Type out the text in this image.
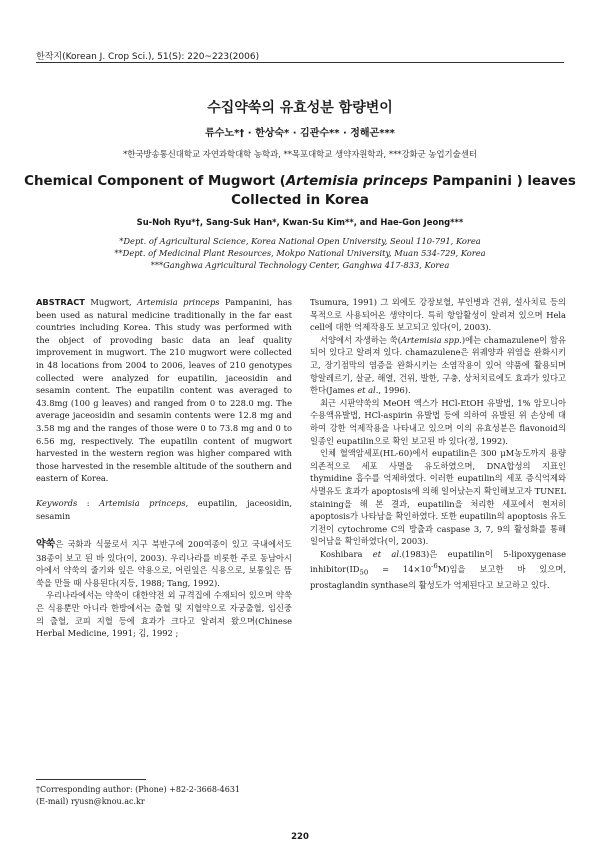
한작지(Korean J. Crop Sci.), 51(S): 220~223(2006)
수집약쑥의 유효성분 함량변이
류수노*† · 한상숙* · 김관수** · 정해곤***
*한국방송통신대학교 자연과학대학 농학과, **목포대학교 생약자원학과, ***강화군 농업기술센터
Chemical Component of Mugwort (Artemisia princeps Pampanini ) leaves
Collected in Korea
Su-Noh Ryu*†, Sang-Suk Han*, Kwan-Su Kim**, and Hae-Gon Jeong***
*Dept. of Agricultural Science, Korea National Open University, Seoul 110-791, Korea
**Dept. of Medicinal Plant Resources, Mokpo National University, Muan 534-729, Korea
***Ganghwa Agricultural Technology Center, Ganghwa 417-833, Korea

ABSTRACT Mugwort, Artemisia princeps Pampanini, has been used as natural medicine traditionally in the far east countries including Korea. This study was performed with the object of provoding basic data an leaf quality improvement in mugwort. The 210 mugwort were collected in 48 locations from 2004 to 2006, leaves of 210 genotypes collected were analyzed for eupatilin, jaceosidin and sesamin content. The eupatilin content was averaged to 43.8mg (100 g leaves) and ranged from 0 to 228.0 mg. The average jaceosidin and sesamin contents were 12.8 mg and 3.58 mg and the ranges of those were 0 to 73.8 mg and 0 to 6.56 mg, respectively. The eupatilin content of mugwort harvested in the western region was higher compared with those harvested in the resemble altitude of the southern and eastern of Korea.

Keywords : Artemisia princeps, eupatilin, jaceosidin, sesamin

약쑥은 국화과 식물로서 지구 북반구에 200여종이 있고 국내에서도 38종이 보고 된 바 있다(이, 2003). 우리나라를 비롯한 주로 동남아시아에서 약쑥의 줄기와 잎은 약용으로, 어린잎은 식용으로, 보통잎은 뜸쑥을 만들 때 사용된다(지등, 1988; Tang, 1992).

우리나라에서는 약쑥이 대한약전 외 규격집에 수재되어 있으며 약쑥은 식용뿐만 아니라 한방에서는 출혈 및 지혈약으로 자궁출혈, 임신중의 출혈, 코피 지혈 등에 효과가 크다고 알려져 왔으며(Chinese Herbal Medicine, 1991; 김, 1992 ;

Tsumura, 1991) 그 외에도 강장보혈, 부인병과 건위, 설사치료 등의 목적으로 사용되어온 생약이다. 특히 항암활성이 알려져 있으며 Hela cell에 대한 억제작용도 보고되고 있다(이, 2003).

서양에서 자생하는 쑥(Artemisia spp.)에는 chamazulene이 함유되어 있다고 알려져 있다. chamazulene은 위궤양과 위염을 완화시키고, 장기점막의 염증을 완화시키는 소염작용이 있어 약품에 활용되며 항알레르기, 살균, 해열, 건위, 발한, 구충, 상처치료에도 효과가 있다고 한다(James et al., 1996).

최근 시판약쑥의 MeOH 엑스가 HCl-EtOH 유발법, 1% 암모니아수용액유발법, HCl-aspirin 유발법 등에 의하여 유발된 위 손상에 대하여 강한 억제작용을 나타내고 있으며 이의 유효성분은 flavonoid의 일종인 eupatilin으로 확인 보고된 바 있다(정, 1992).

인체 혈액암세포(HL-60)에서 eupatilin은 300 μM농도까지 용량 의존적으로 세포 사멸을 유도하였으며, DNA합성의 지표인 thymidine 흡수를 억제하였다. 이러한 eupatilin의 세포 증식억제와 사멸유도 효과가 apoptosis에 의해 일어났는지 확인해보고자 TUNEL staining을 해 본 결과, eupatilin을 처리한 세포에서 현저히 apoptosis가 나타남을 확인하였다. 또한 eupatilin의 apoptosis 유도 기전이 cytochrome C의 방출과 caspase 3, 7, 9의 활성화를 통해 일어남을 확인하였다(이, 2003).

Koshibara et al.(1983)은 eupatilin이 5-lipoxygenase $inhibitor(ID_{50} = 14\times 10^{-6}M)$임을 보고한 바 있으며, prostaglandin synthase의 활성도가 억제된다고 보고하고 있다.

†Corresponding author: (Phone) +82-2-3668-4631
(E-mail) ryusn@knou.ac.kr
220
